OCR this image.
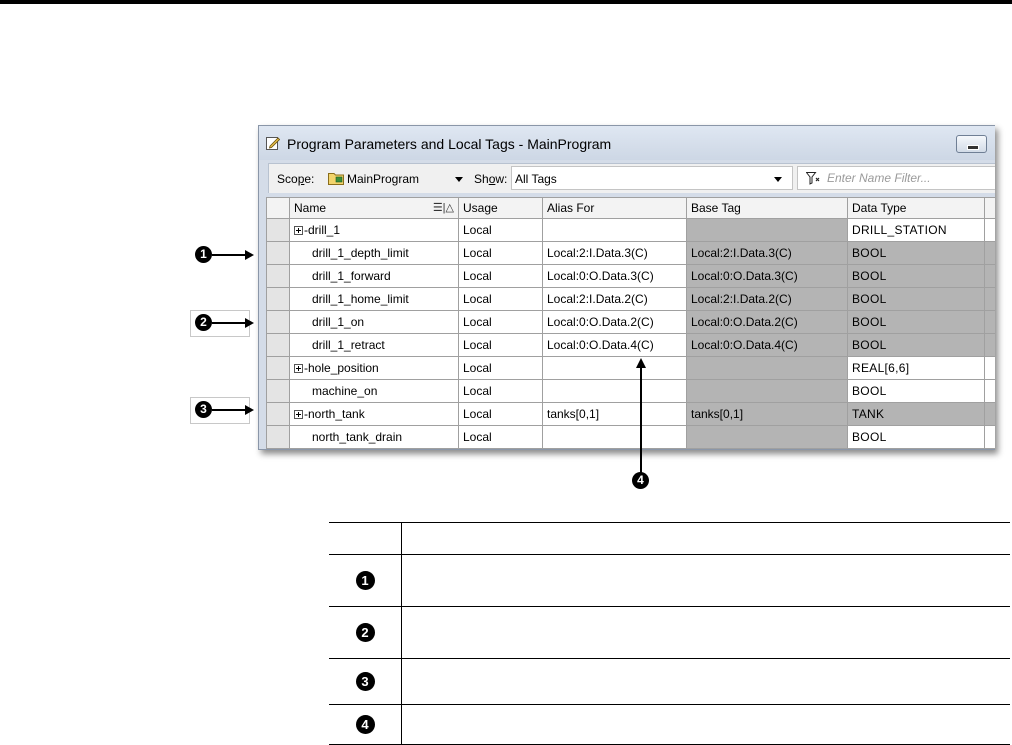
Program Parameters and Local Tags - MainProgram
Scope:	MainProgram	Show: All Tags
Enter Name Filter...
	Name ☰|△	Usage	Alias For	Base Tag	Data Type	
	-drill_1	Local			DRILL_STATION	
	drill_1_depth_limit	Local	Local:2:I.Data.3(C)	Local:2:I.Data.3(C)	BOOL	
	drill_1_forward	Local	Local:0:O.Data.3(C)	Local:0:O.Data.3(C)	BOOL	
	drill_1_home_limit	Local	Local:2:I.Data.2(C)	Local:2:I.Data.2(C)	BOOL	
	drill_1_on	Local	Local:0:O.Data.2(C)	Local:0:O.Data.2(C)	BOOL	
	drill_1_retract	Local	Local:0:O.Data.4(C)	Local:0:O.Data.4(C)	BOOL	
	-hole_position	Local			REAL[6,6]	
	machine_on	Local			BOOL	
	-north_tank	Local	tanks[0,1]	tanks[0,1]	TANK	
	north_tank_drain	Local			BOOL	
1
2
3
4

1	
2	
3	
4	
